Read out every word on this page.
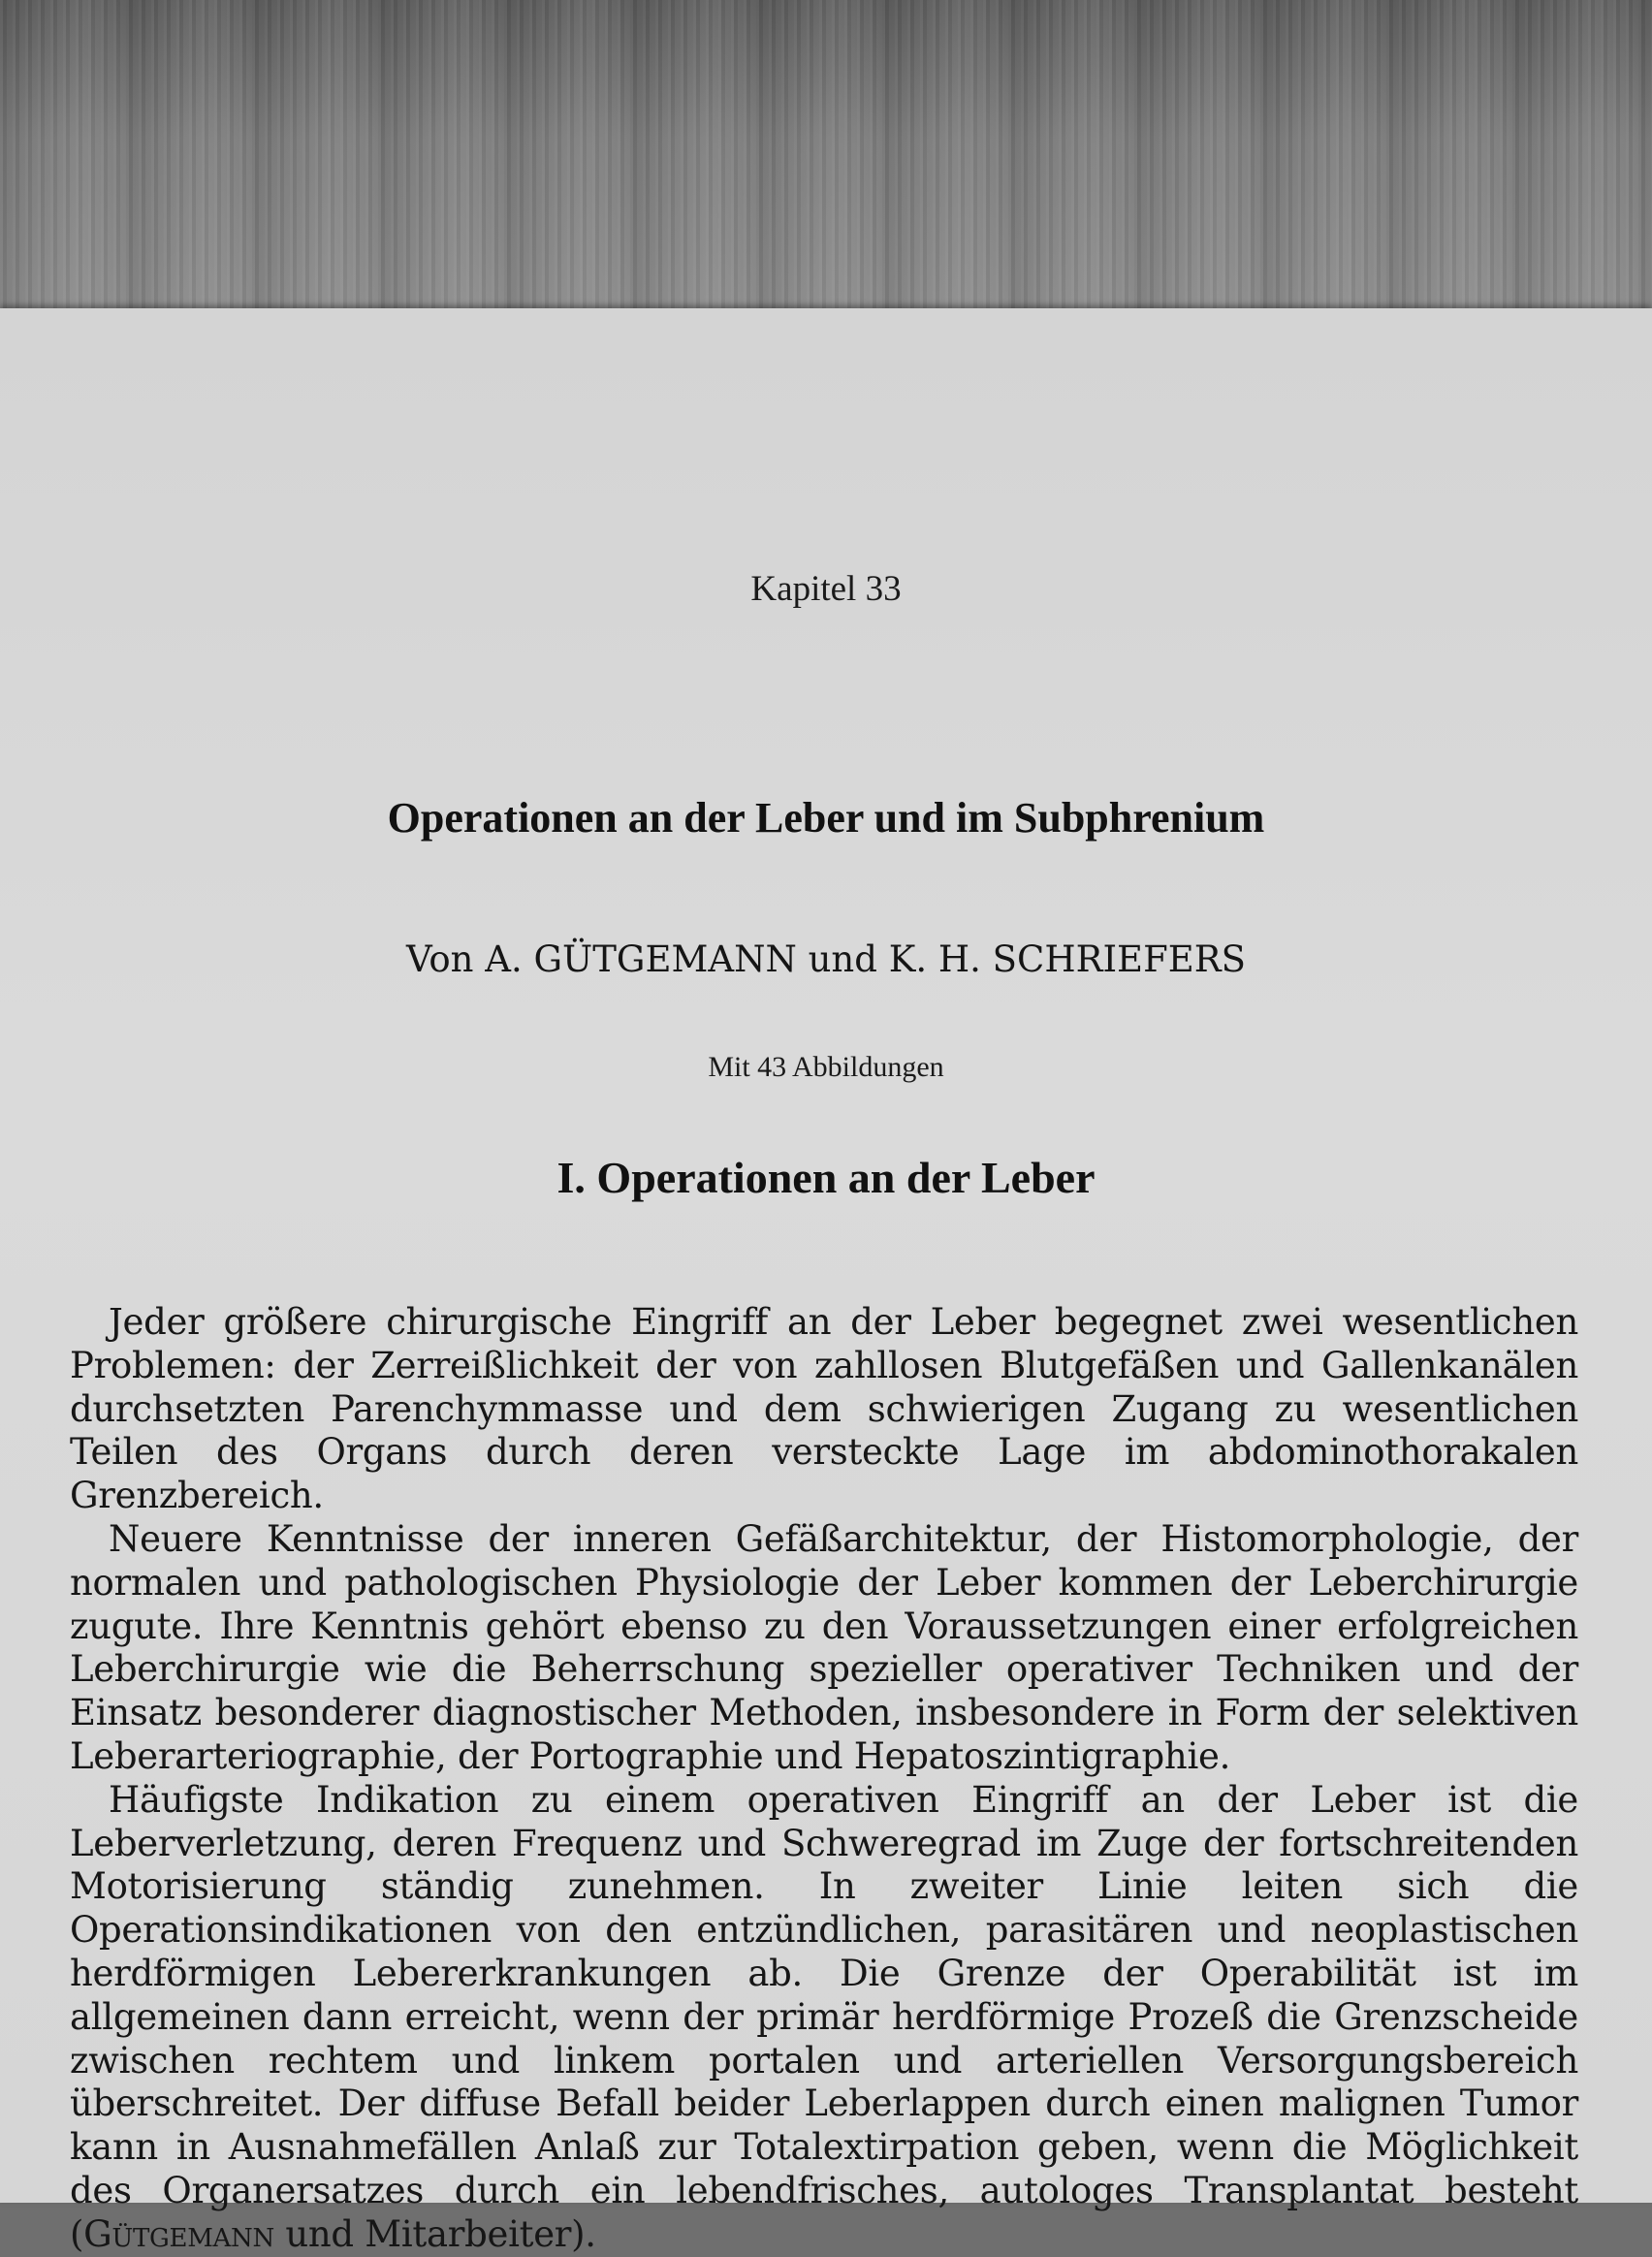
Kapitel 33
Operationen an der Leber und im Subphrenium
Von A. GÜTGEMANN und K. H. SCHRIEFERS
Mit 43 Abbildungen
I. Operationen an der Leber

Jeder größere chirurgische Eingriff an der Leber begegnet zwei wesentlichen Problemen: der Zerreißlichkeit der von zahllosen Blutgefäßen und Gallenkanälen durchsetzten Parenchymmasse und dem schwierigen Zugang zu wesentlichen Teilen des Organs durch deren versteckte Lage im abdominothorakalen Grenzbereich.

Neuere Kenntnisse der inneren Gefäßarchitektur, der Histomorphologie, der normalen und pathologischen Physiologie der Leber kommen der Leberchirurgie zugute. Ihre Kenntnis gehört ebenso zu den Voraussetzungen einer erfolgreichen Leberchirurgie wie die Beherrschung spezieller operativer Techniken und der Einsatz besonderer diagnostischer Methoden, insbesondere in Form der selektiven Leberarteriographie, der Portographie und Hepatoszintigraphie.

Häufigste Indikation zu einem operativen Eingriff an der Leber ist die Leberverletzung, deren Frequenz und Schweregrad im Zuge der fortschreitenden Motorisierung ständig zunehmen. In zweiter Linie leiten sich die Operationsindikationen von den entzündlichen, parasitären und neoplastischen herdförmigen Lebererkrankungen ab. Die Grenze der Operabilität ist im allgemeinen dann erreicht, wenn der primär herdförmige Prozeß die Grenzscheide zwischen rechtem und linkem portalen und arteriellen Versorgungsbereich überschreitet. Der diffuse Befall beider Leberlappen durch einen malignen Tumor kann in Ausnahmefällen Anlaß zur Totalextirpation geben, wenn die Möglichkeit des Organersatzes durch ein lebendfrisches, autologes Transplantat besteht (Gütgemann und Mitarbeiter).
